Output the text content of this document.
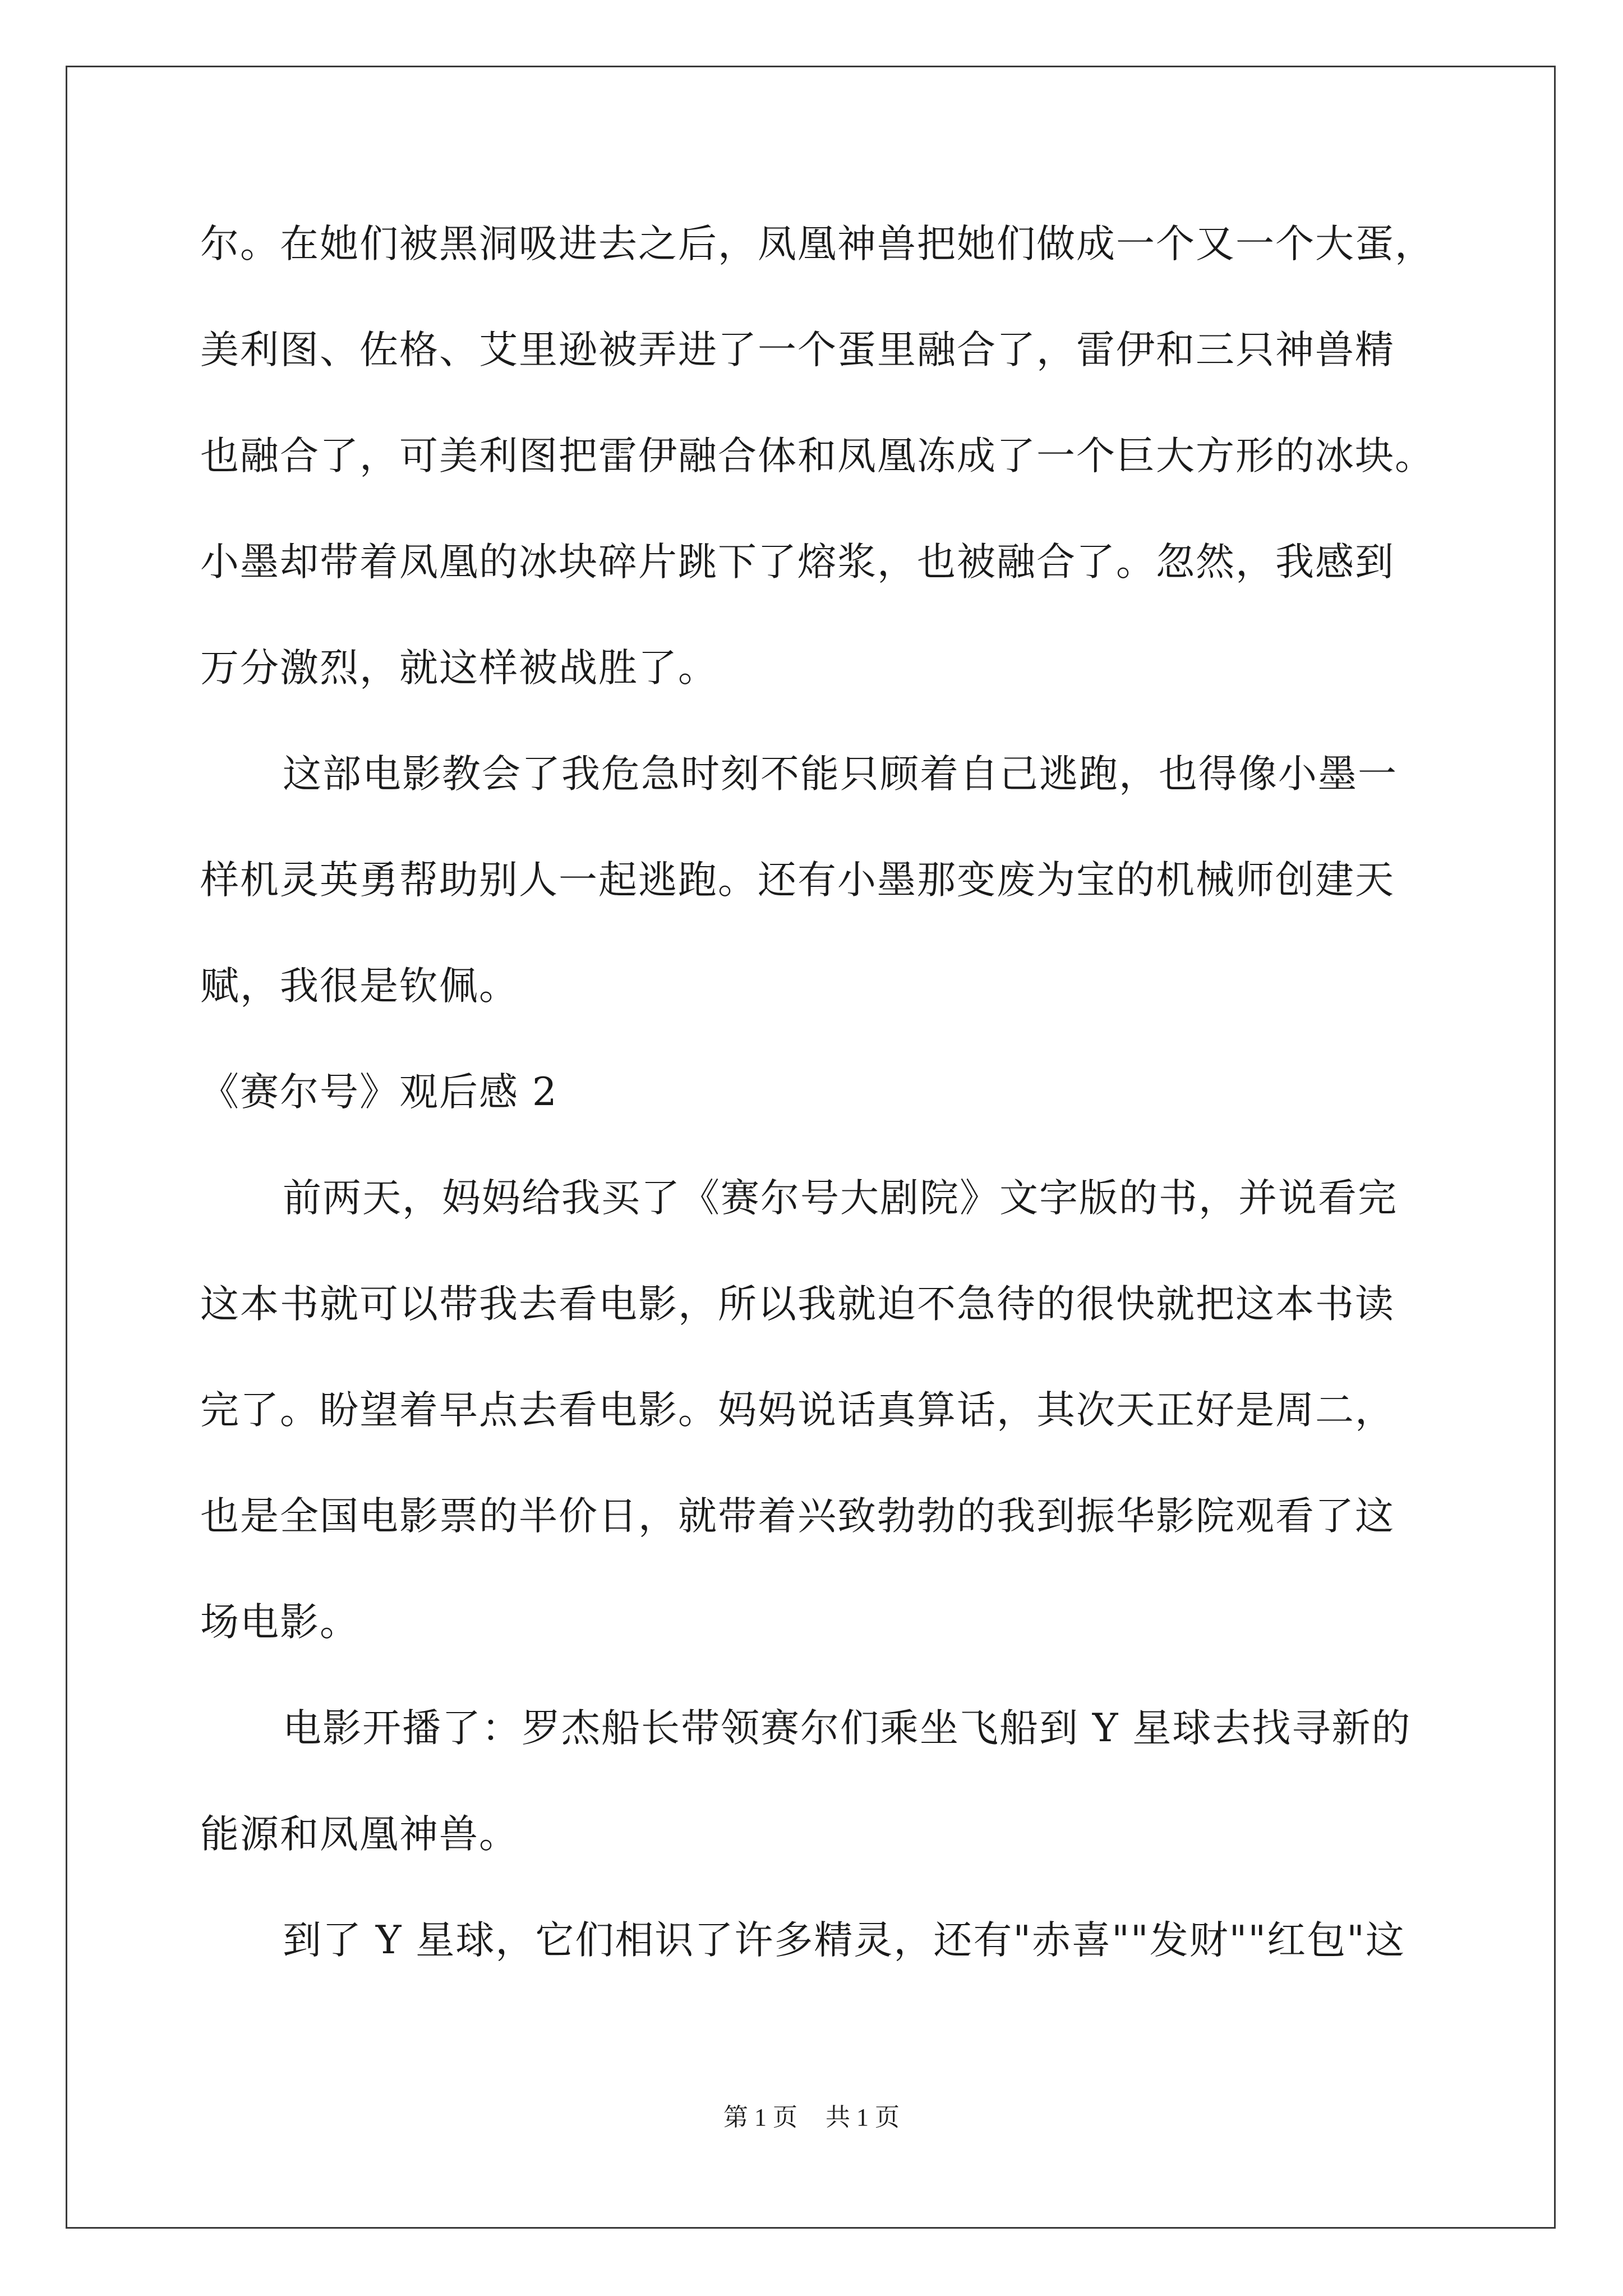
尔。在她们被黑洞吸进去之后，凤凰神兽把她们做成一个又一个大蛋，
美利图、佐格、艾里逊被弄进了一个蛋里融合了，雷伊和三只神兽精
也融合了，可美利图把雷伊融合体和凤凰冻成了一个巨大方形的冰块。
小墨却带着凤凰的冰块碎片跳下了熔浆，也被融合了。忽然，我感到
万分激烈，就这样被战胜了。
这部电影教会了我危急时刻不能只顾着自己逃跑，也得像小墨一
样机灵英勇帮助别人一起逃跑。还有小墨那变废为宝的机械师创建天
赋，我很是钦佩。
《赛尔号》观后感 2
前两天，妈妈给我买了《赛尔号大剧院》文字版的书，并说看完
这本书就可以带我去看电影，所以我就迫不急待的很快就把这本书读
完了。盼望着早点去看电影。妈妈说话真算话，其次天正好是周二，
也是全国电影票的半价日，就带着兴致勃勃的我到振华影院观看了这
场电影。
电影开播了：罗杰船长带领赛尔们乘坐飞船到 Y 星球去找寻新的
能源和凤凰神兽。
到了 Y 星球，它们相识了许多精灵，还有"赤喜""发财""红包"这
第 1 页 共 1 页
